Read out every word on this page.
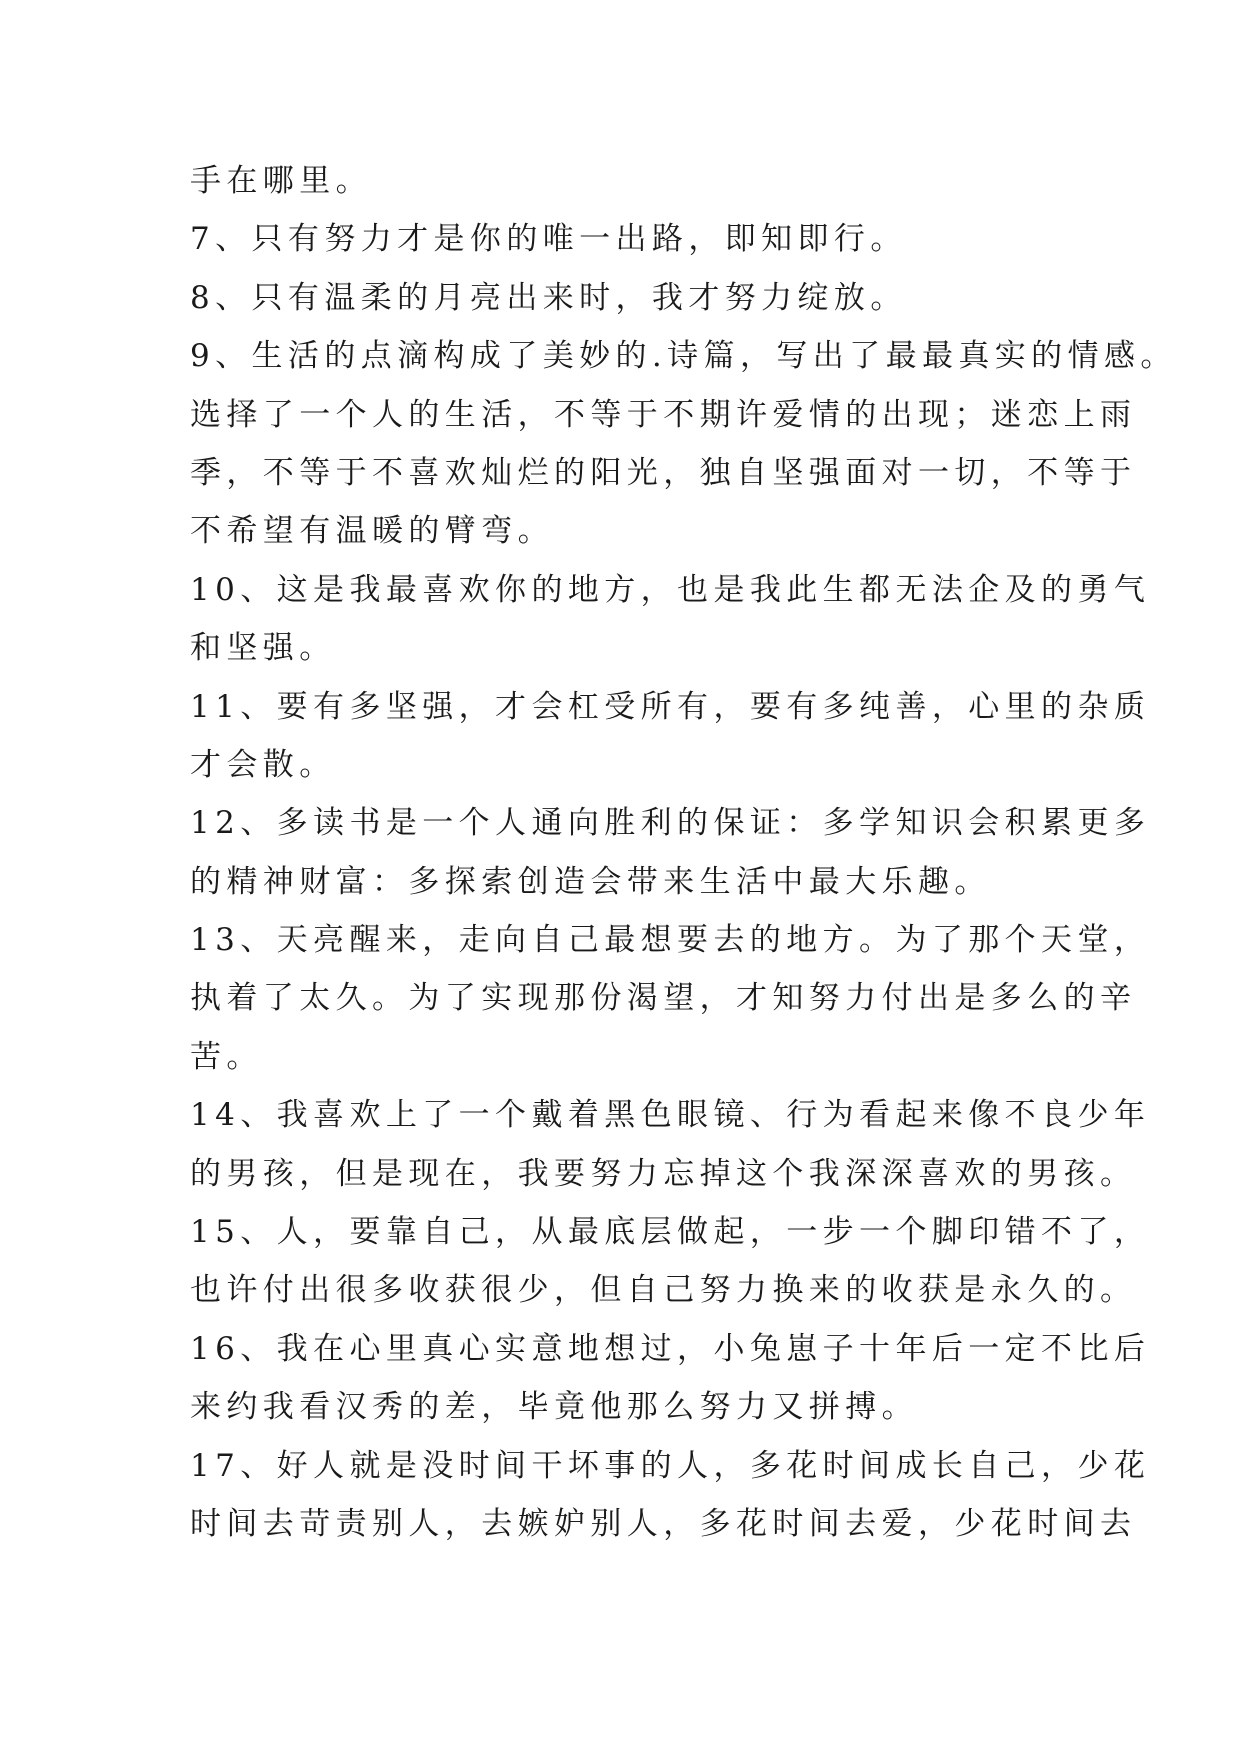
手在哪里。
7、只有努力才是你的唯一出路，即知即行。
8、只有温柔的月亮出来时，我才努力绽放。
9、生活的点滴构成了美妙的.诗篇，写出了最最真实的情感。
选择了一个人的生活，不等于不期许爱情的出现；迷恋上雨
季，不等于不喜欢灿烂的阳光，独自坚强面对一切，不等于
不希望有温暖的臂弯。
10、这是我最喜欢你的地方，也是我此生都无法企及的勇气
和坚强。
11、要有多坚强，才会杠受所有，要有多纯善，心里的杂质
才会散。
12、多读书是一个人通向胜利的保证：多学知识会积累更多
的精神财富：多探索创造会带来生活中最大乐趣。
13、天亮醒来，走向自己最想要去的地方。为了那个天堂，
执着了太久。为了实现那份渴望，才知努力付出是多么的辛
苦。
14、我喜欢上了一个戴着黑色眼镜、行为看起来像不良少年
的男孩，但是现在，我要努力忘掉这个我深深喜欢的男孩。
15、人，要靠自己，从最底层做起，一步一个脚印错不了，
也许付出很多收获很少，但自己努力换来的收获是永久的。
16、我在心里真心实意地想过，小兔崽子十年后一定不比后
来约我看汉秀的差，毕竟他那么努力又拼搏。
17、好人就是没时间干坏事的人，多花时间成长自己，少花
时间去苛责别人，去嫉妒别人，多花时间去爱，少花时间去
